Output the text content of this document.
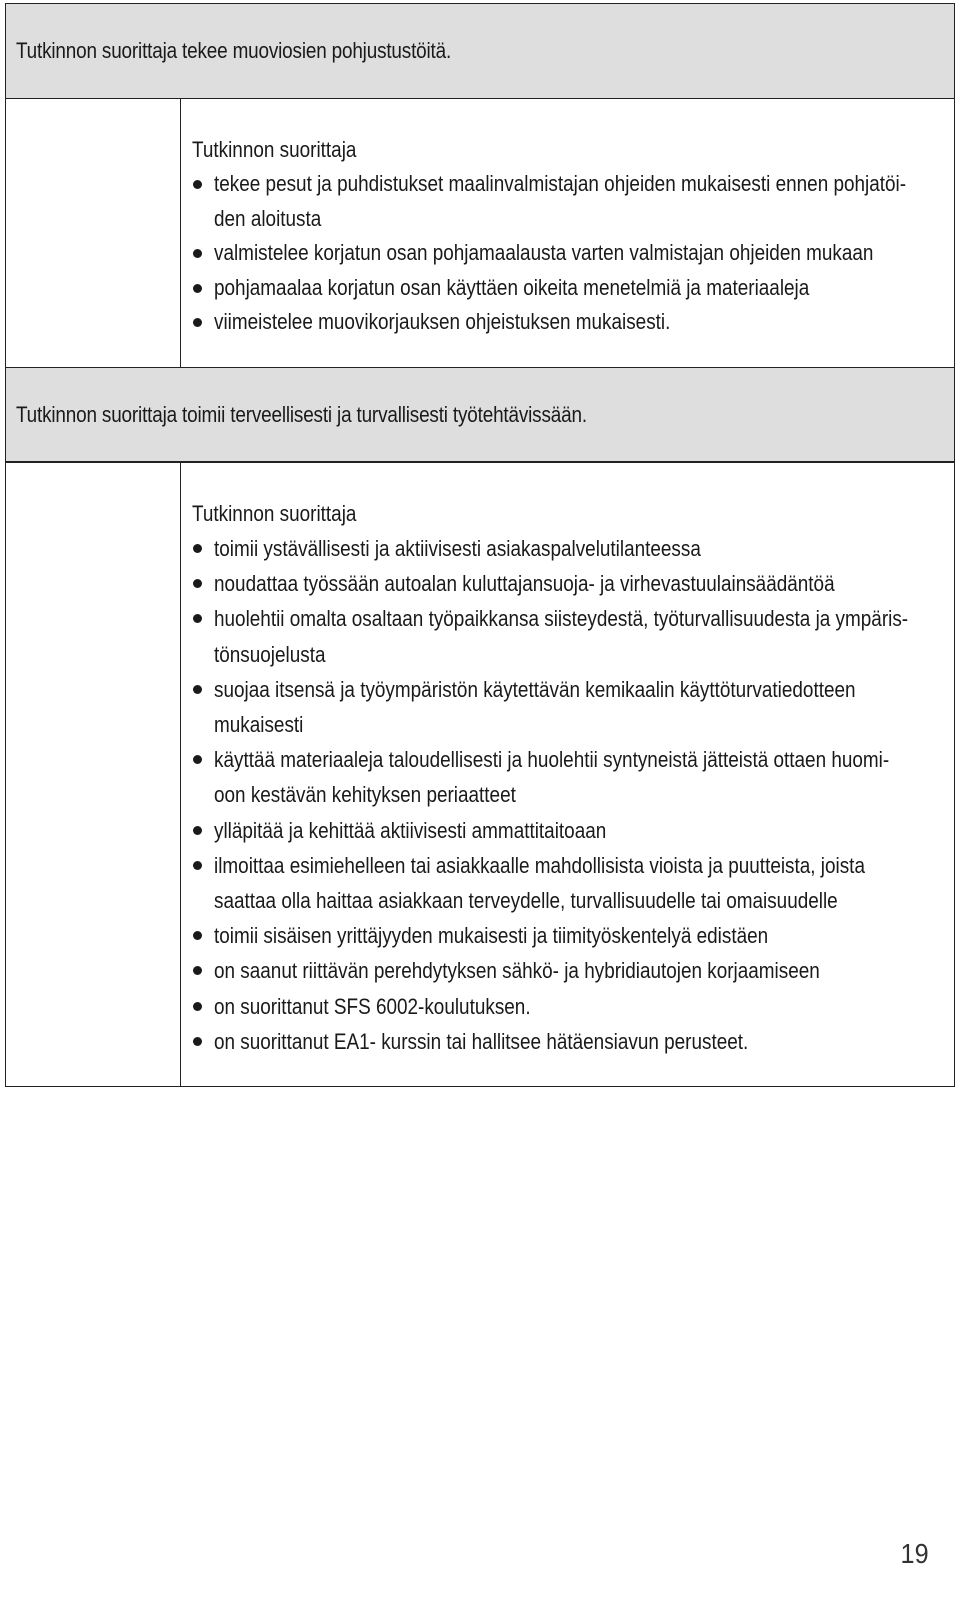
Tutkinnon suorittaja tekee muoviosien pohjustustöitä.
Tutkinnon suorittaja
tekee pesut ja puhdistukset maalinvalmistajan ohjeiden mukaisesti ennen pohjatöi-
den aloitusta
valmistelee korjatun osan pohjamaalausta varten valmistajan ohjeiden mukaan
pohjamaalaa korjatun osan käyttäen oikeita menetelmiä ja materiaaleja
viimeistelee muovikorjauksen ohjeistuksen mukaisesti.
Tutkinnon suorittaja toimii terveellisesti ja turvallisesti työtehtävissään.
Tutkinnon suorittaja
toimii ystävällisesti ja aktiivisesti asiakaspalvelutilanteessa
noudattaa työssään autoalan kuluttajansuoja- ja virhevastuulainsäädäntöä
huolehtii omalta osaltaan työpaikkansa siisteydestä, työturvallisuudesta ja ympäris-
tönsuojelusta
suojaa itsensä ja työympäristön käytettävän kemikaalin käyttöturvatiedotteen
mukaisesti
käyttää materiaaleja taloudellisesti ja huolehtii syntyneistä jätteistä ottaen huomi-
oon kestävän kehityksen periaatteet
ylläpitää ja kehittää aktiivisesti ammattitaitoaan
ilmoittaa esimiehelleen tai asiakkaalle mahdollisista vioista ja puutteista, joista
saattaa olla haittaa asiakkaan terveydelle, turvallisuudelle tai omaisuudelle
toimii sisäisen yrittäjyyden mukaisesti ja tiimityöskentelyä edistäen
on saanut riittävän perehdytyksen sähkö- ja hybridiautojen korjaamiseen
on suorittanut SFS 6002-koulutuksen.
on suorittanut EA1- kurssin tai hallitsee hätäensiavun perusteet.
19
